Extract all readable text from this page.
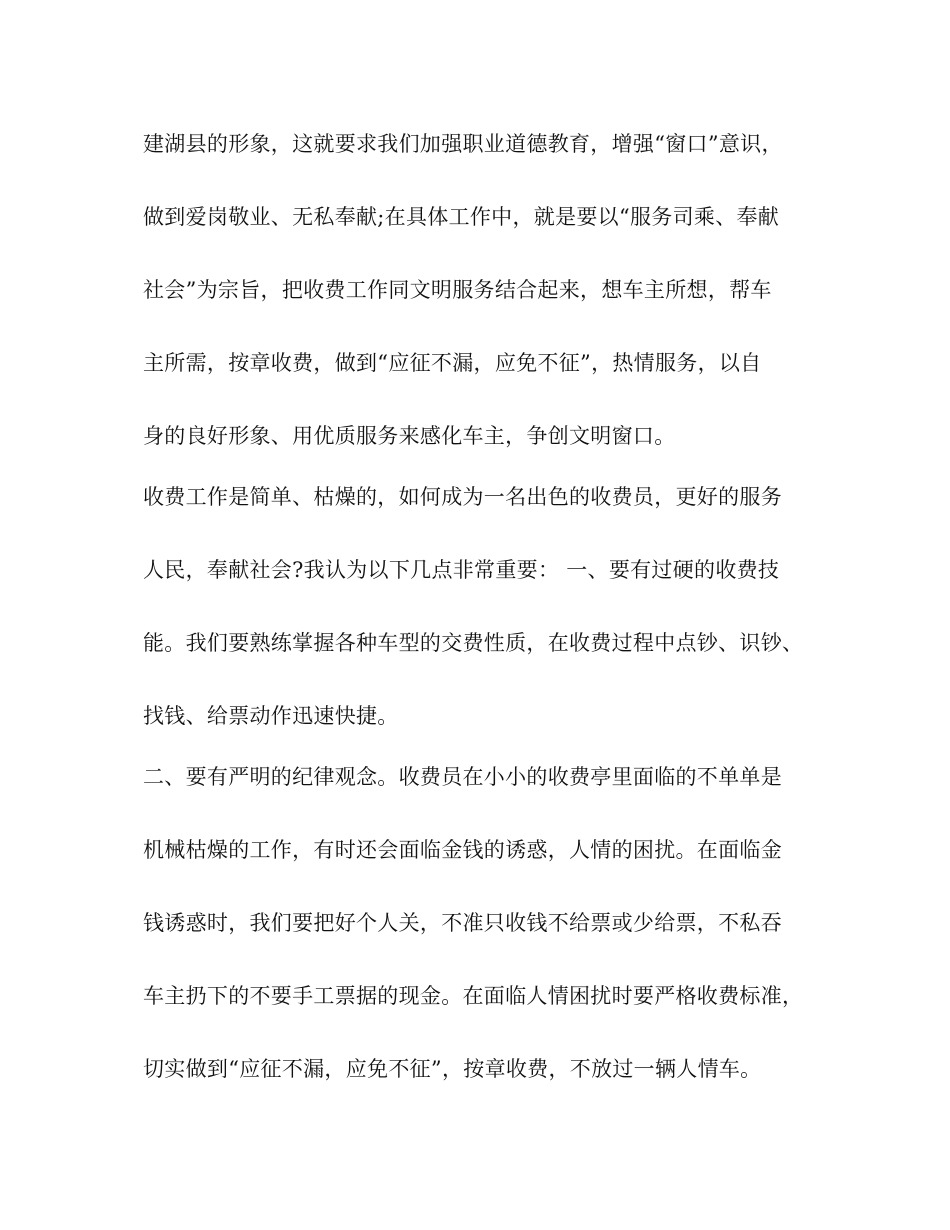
建湖县的形象，这就要求我们加强职业道德教育，增强“窗口”意识，
做到爱岗敬业、无私奉献;在具体工作中，就是要以“服务司乘、奉献
社会”为宗旨，把收费工作同文明服务结合起来，想车主所想，帮车
主所需，按章收费，做到“应征不漏，应免不征”，热情服务，以自
身的良好形象、用优质服务来感化车主，争创文明窗口。
收费工作是简单、枯燥的，如何成为一名出色的收费员，更好的服务
人民，奉献社会?我认为以下几点非常重要： 一、要有过硬的收费技
能。我们要熟练掌握各种车型的交费性质，在收费过程中点钞、识钞、
找钱、给票动作迅速快捷。
二、要有严明的纪律观念。收费员在小小的收费亭里面临的不单单是
机械枯燥的工作，有时还会面临金钱的诱惑，人情的困扰。在面临金
钱诱惑时，我们要把好个人关，不准只收钱不给票或少给票，不私吞
车主扔下的不要手工票据的现金。在面临人情困扰时要严格收费标准，
切实做到“应征不漏，应免不征”，按章收费，不放过一辆人情车。
